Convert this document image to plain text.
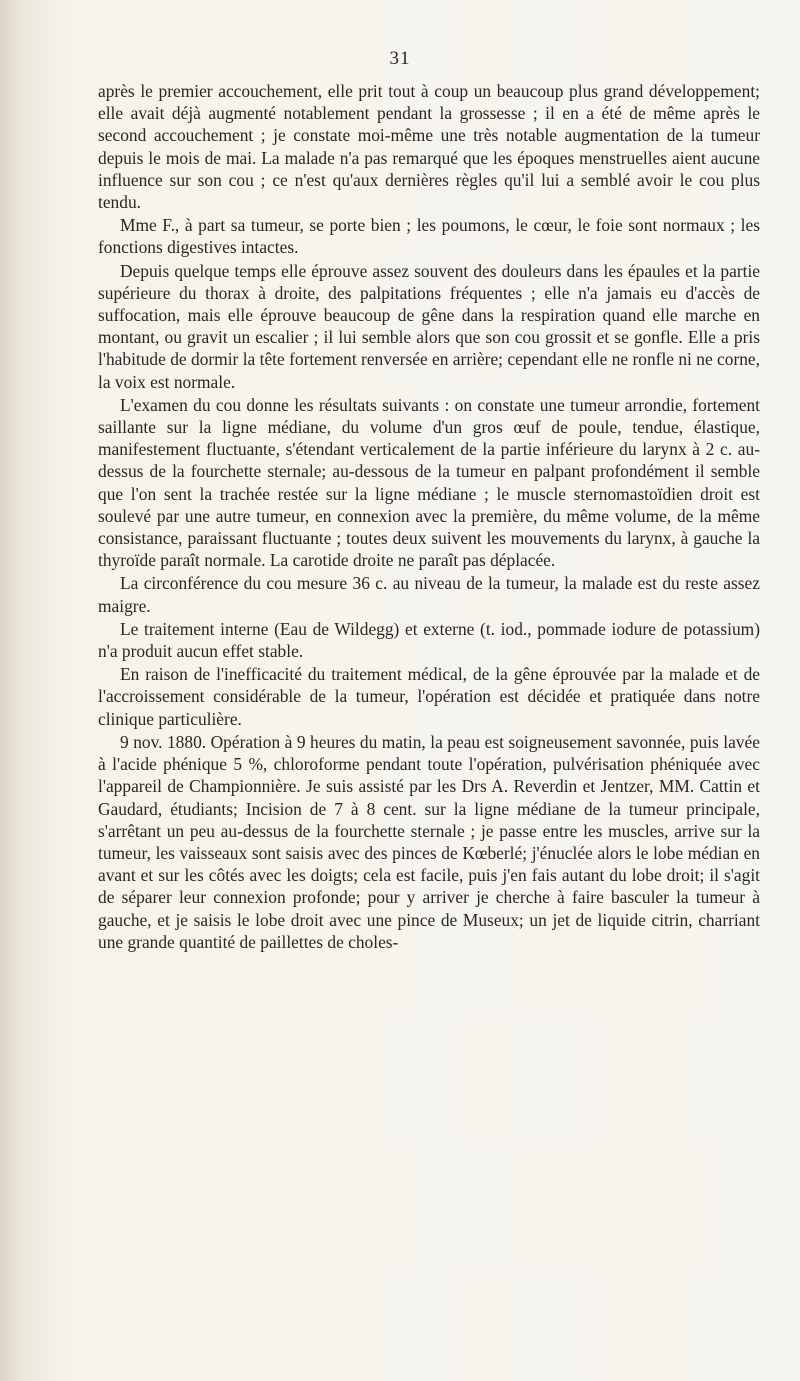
31

après le premier accouchement, elle prit tout à coup un beaucoup plus grand développement; elle avait déjà augmenté notablement pendant la grossesse ; il en a été de même après le second accouchement ; je constate moi-même une très notable augmentation de la tumeur depuis le mois de mai. La malade n'a pas remarqué que les époques menstruelles aient aucune influence sur son cou ; ce n'est qu'aux dernières règles qu'il lui a semblé avoir le cou plus tendu.

Mme F., à part sa tumeur, se porte bien ; les poumons, le cœur, le foie sont normaux ; les fonctions digestives intactes.

Depuis quelque temps elle éprouve assez souvent des douleurs dans les épaules et la partie supérieure du thorax à droite, des palpitations fréquentes ; elle n'a jamais eu d'accès de suffocation, mais elle éprouve beaucoup de gêne dans la respiration quand elle marche en montant, ou gravit un escalier ; il lui semble alors que son cou grossit et se gonfle. Elle a pris l'habitude de dormir la tête fortement renversée en arrière; cependant elle ne ronfle ni ne corne, la voix est normale.

L'examen du cou donne les résultats suivants : on constate une tumeur arrondie, fortement saillante sur la ligne médiane, du volume d'un gros œuf de poule, tendue, élastique, manifestement fluctuante, s'étendant verticalement de la partie inférieure du larynx à 2 c. au-dessus de la fourchette sternale; au-dessous de la tumeur en palpant profondément il semble que l'on sent la trachée restée sur la ligne médiane ; le muscle sternomastoïdien droit est soulevé par une autre tumeur, en connexion avec la première, du même volume, de la même consistance, paraissant fluctuante ; toutes deux suivent les mouvements du larynx, à gauche la thyroïde paraît normale. La carotide droite ne paraît pas déplacée.

La circonférence du cou mesure 36 c. au niveau de la tumeur, la malade est du reste assez maigre.

Le traitement interne (Eau de Wildegg) et externe (t. iod., pommade iodure de potassium) n'a produit aucun effet stable.

En raison de l'inefficacité du traitement médical, de la gêne éprouvée par la malade et de l'accroissement considérable de la tumeur, l'opération est décidée et pratiquée dans notre clinique particulière.

9 nov. 1880. Opération à 9 heures du matin, la peau est soigneusement savonnée, puis lavée à l'acide phénique 5 %, chloroforme pendant toute l'opération, pulvérisation phéniquée avec l'appareil de Championnière. Je suis assisté par les Drs A. Reverdin et Jentzer, MM. Cattin et Gaudard, étudiants; Incision de 7 à 8 cent. sur la ligne médiane de la tumeur principale, s'arrêtant un peu au-dessus de la fourchette sternale ; je passe entre les muscles, arrive sur la tumeur, les vaisseaux sont saisis avec des pinces de Kœberlé; j'énuclée alors le lobe médian en avant et sur les côtés avec les doigts; cela est facile, puis j'en fais autant du lobe droit; il s'agit de séparer leur connexion profonde; pour y arriver je cherche à faire basculer la tumeur à gauche, et je saisis le lobe droit avec une pince de Museux; un jet de liquide citrin, charriant une grande quantité de paillettes de choles-
